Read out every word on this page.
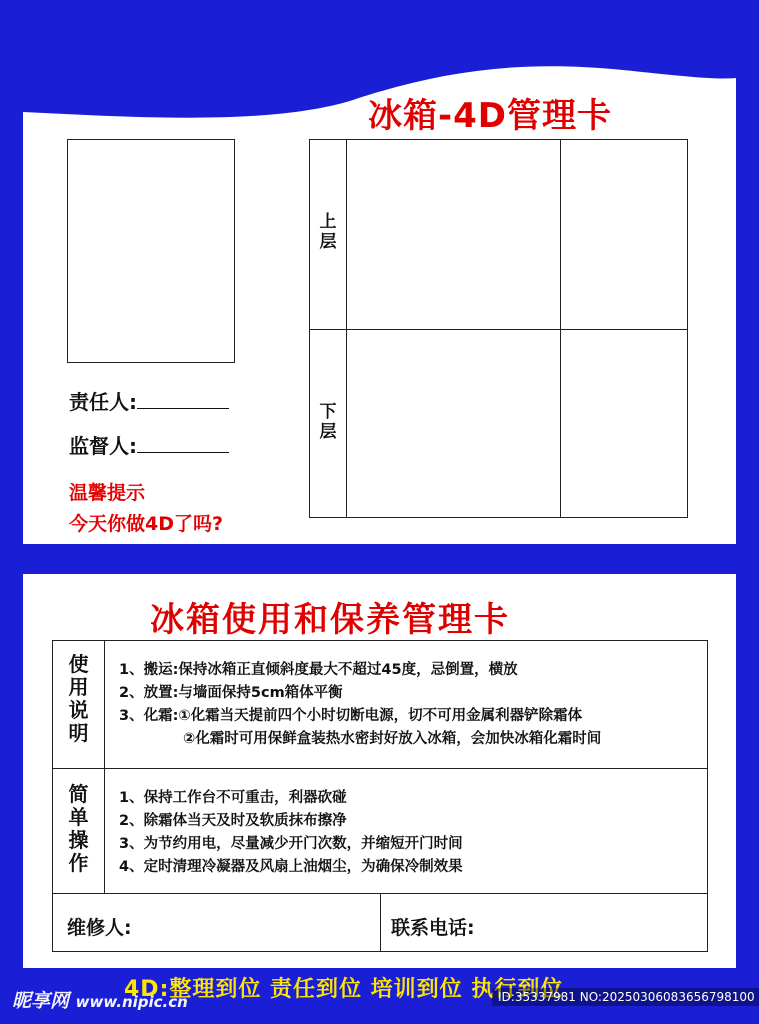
责任人:
监督人:
温馨提示
今天你做4D了吗?
上
层
下
层
冰箱-4D管理卡
冰箱使用和保养管理卡
使
用
说
明
1、搬运:保持冰箱正直倾斜度最大不超过45度，忌倒置，横放
2、放置:与墙面保持5cm箱体平衡
3、化霜:①化霜当天提前四个小时切断电源，切不可用金属利器铲除霜体
②化霜时可用保鲜盒装热水密封好放入冰箱，会加快冰箱化霜时间
简
单
操
作
1、保持工作台不可重击，利器砍碰
2、除霜体当天及时及软质抹布擦净
3、为节约用电，尽量减少开门次数，并缩短开门时间
4、定时清理冷凝器及风扇上油烟尘，为确保冷制效果
维修人:	联系电话:
4D:整理到位 责任到位 培训到位 执行到位
昵享网 www.nipic.cn	ID:35337981 NO:20250306083656798100
